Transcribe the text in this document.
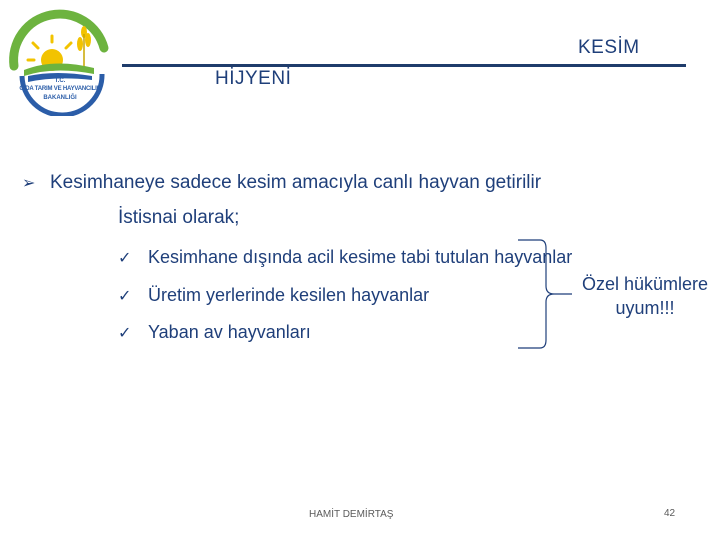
T.C.
GIDA TARIM VE HAYVANCILIK
BAKANLIĞI
KESİM
HİJYENİ
➢ Kesimhaneye sadece kesim amacıyla canlı hayvan getirilir
İstisnai olarak;
✓ Kesimhane dışında acil kesime tabi tutulan hayvanlar
✓ Üretim yerlerinde kesilen hayvanlar
✓ Yaban av hayvanları
Özel hükümlere
uyum!!!
HAMİT DEMİRTAŞ	42
